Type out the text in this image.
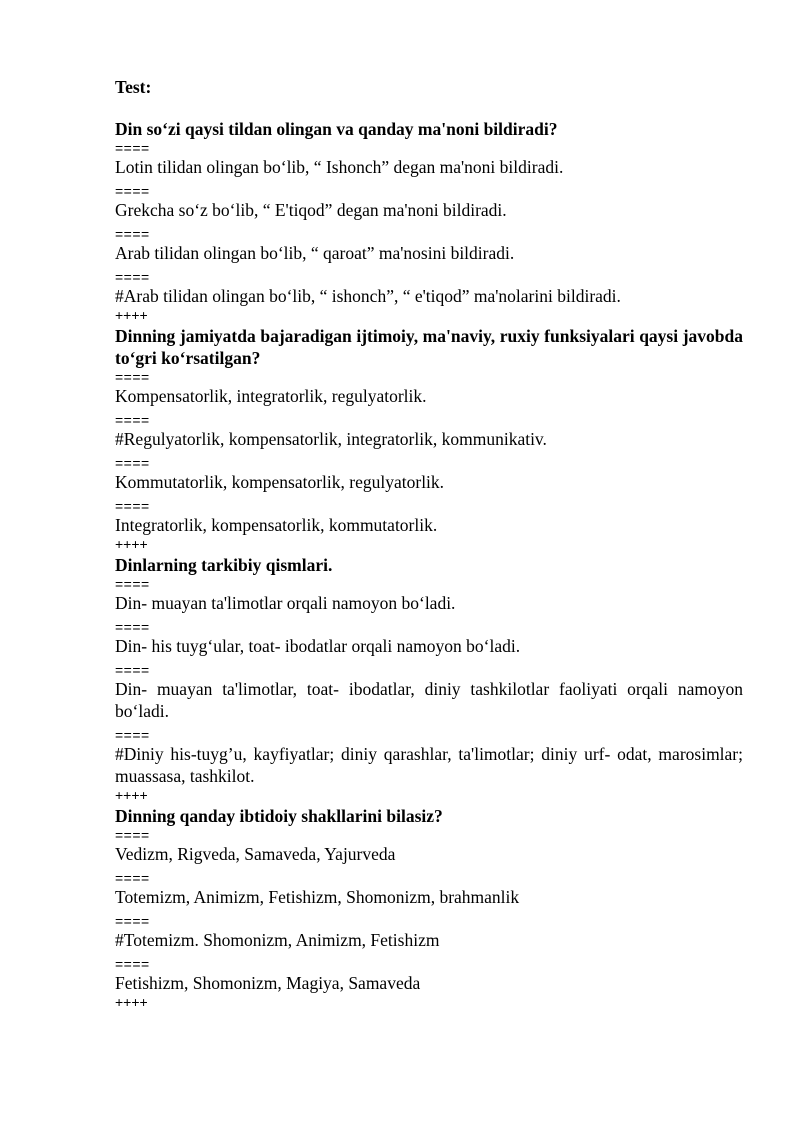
Test:

Din so‘zi qaysi tildan olingan va qanday ma'noni bildiradi?

====

Lotin tilidan olingan bo‘lib, “ Ishonch” degan ma'noni bildiradi.

====

Grekcha so‘z bo‘lib, “ E'tiqod” degan ma'noni bildiradi.

====

Arab tilidan olingan bo‘lib, “ qaroat” ma'nosini bildiradi.

====

#Arab tilidan olingan bo‘lib, “ ishonch”, “ e'tiqod” ma'nolarini bildiradi.

++++

Dinning jamiyatda bajaradigan ijtimoiy, ma'naviy, ruxiy funksiyalari qaysi javobda to‘gri ko‘rsatilgan?

====

Kompensatorlik, integratorlik, regulyatorlik.

====

#Regulyatorlik, kompensatorlik, integratorlik, kommunikativ.

====

Kommutatorlik, kompensatorlik, regulyatorlik.

====

Integratorlik, kompensatorlik, kommutatorlik.

++++

Dinlarning tarkibiy qismlari.

====

Din- muayan ta'limotlar orqali namoyon bo‘ladi.

====

Din- his tuyg‘ular, toat- ibodatlar orqali namoyon bo‘ladi.

====

Din- muayan ta'limotlar, toat- ibodatlar, diniy tashkilotlar faoliyati orqali namoyon bo‘ladi.

====

#Diniy his-tuyg’u, kayfiyatlar; diniy qarashlar, ta'limotlar; diniy urf- odat, marosimlar; muassasa, tashkilot.

++++

Dinning qanday ibtidoiy shakllarini bilasiz?

====

Vedizm, Rigveda, Samaveda, Yajurveda

====

Totemizm, Animizm, Fetishizm, Shomonizm, brahmanlik

====

#Totemizm. Shomonizm, Animizm, Fetishizm

====

Fetishizm, Shomonizm, Magiya, Samaveda

++++
